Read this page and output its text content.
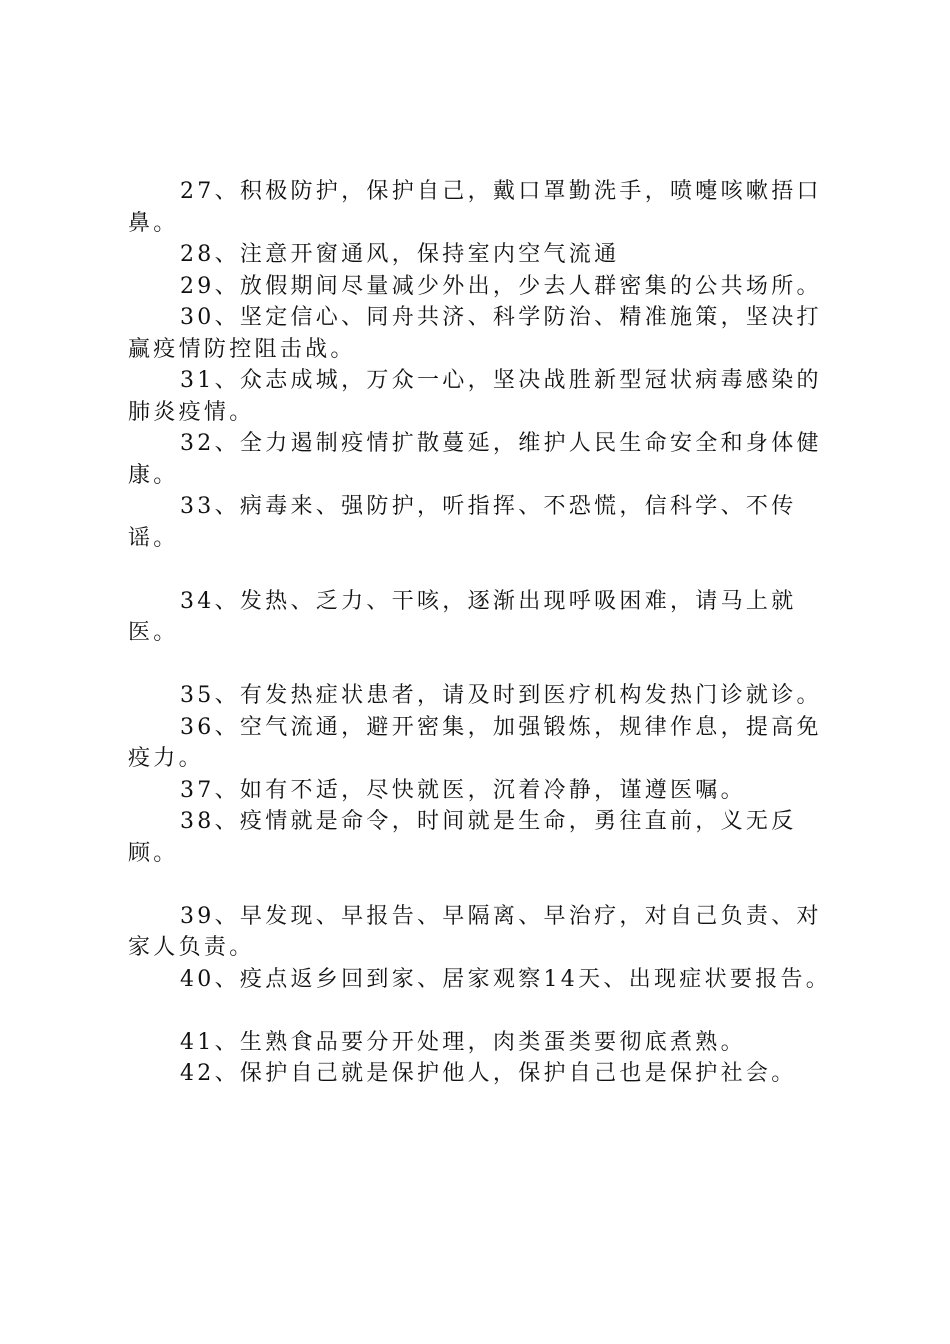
27、积极防护，保护自己，戴口罩勤洗手，喷嚏咳嗽捂口鼻。

28、注意开窗通风，保持室内空气流通

29、放假期间尽量减少外出，少去人群密集的公共场所。

30、坚定信心、同舟共济、科学防治、精准施策，坚决打赢疫情防控阻击战。

31、众志成城，万众一心，坚决战胜新型冠状病毒感染的肺炎疫情。

32、全力遏制疫情扩散蔓延，维护人民生命安全和身体健康。

33、病毒来、强防护，听指挥、不恐慌，信科学、不传谣。

34、发热、乏力、干咳，逐渐出现呼吸困难，请马上就医。

35、有发热症状患者，请及时到医疗机构发热门诊就诊。

36、空气流通，避开密集，加强锻炼，规律作息，提高免疫力。

37、如有不适，尽快就医，沉着冷静，谨遵医嘱。

38、疫情就是命令，时间就是生命，勇往直前，义无反顾。

39、早发现、早报告、早隔离、早治疗，对自己负责、对家人负责。

40、疫点返乡回到家、居家观察14天、出现症状要报告。

41、生熟食品要分开处理，肉类蛋类要彻底煮熟。

42、保护自己就是保护他人，保护自己也是保护社会。
